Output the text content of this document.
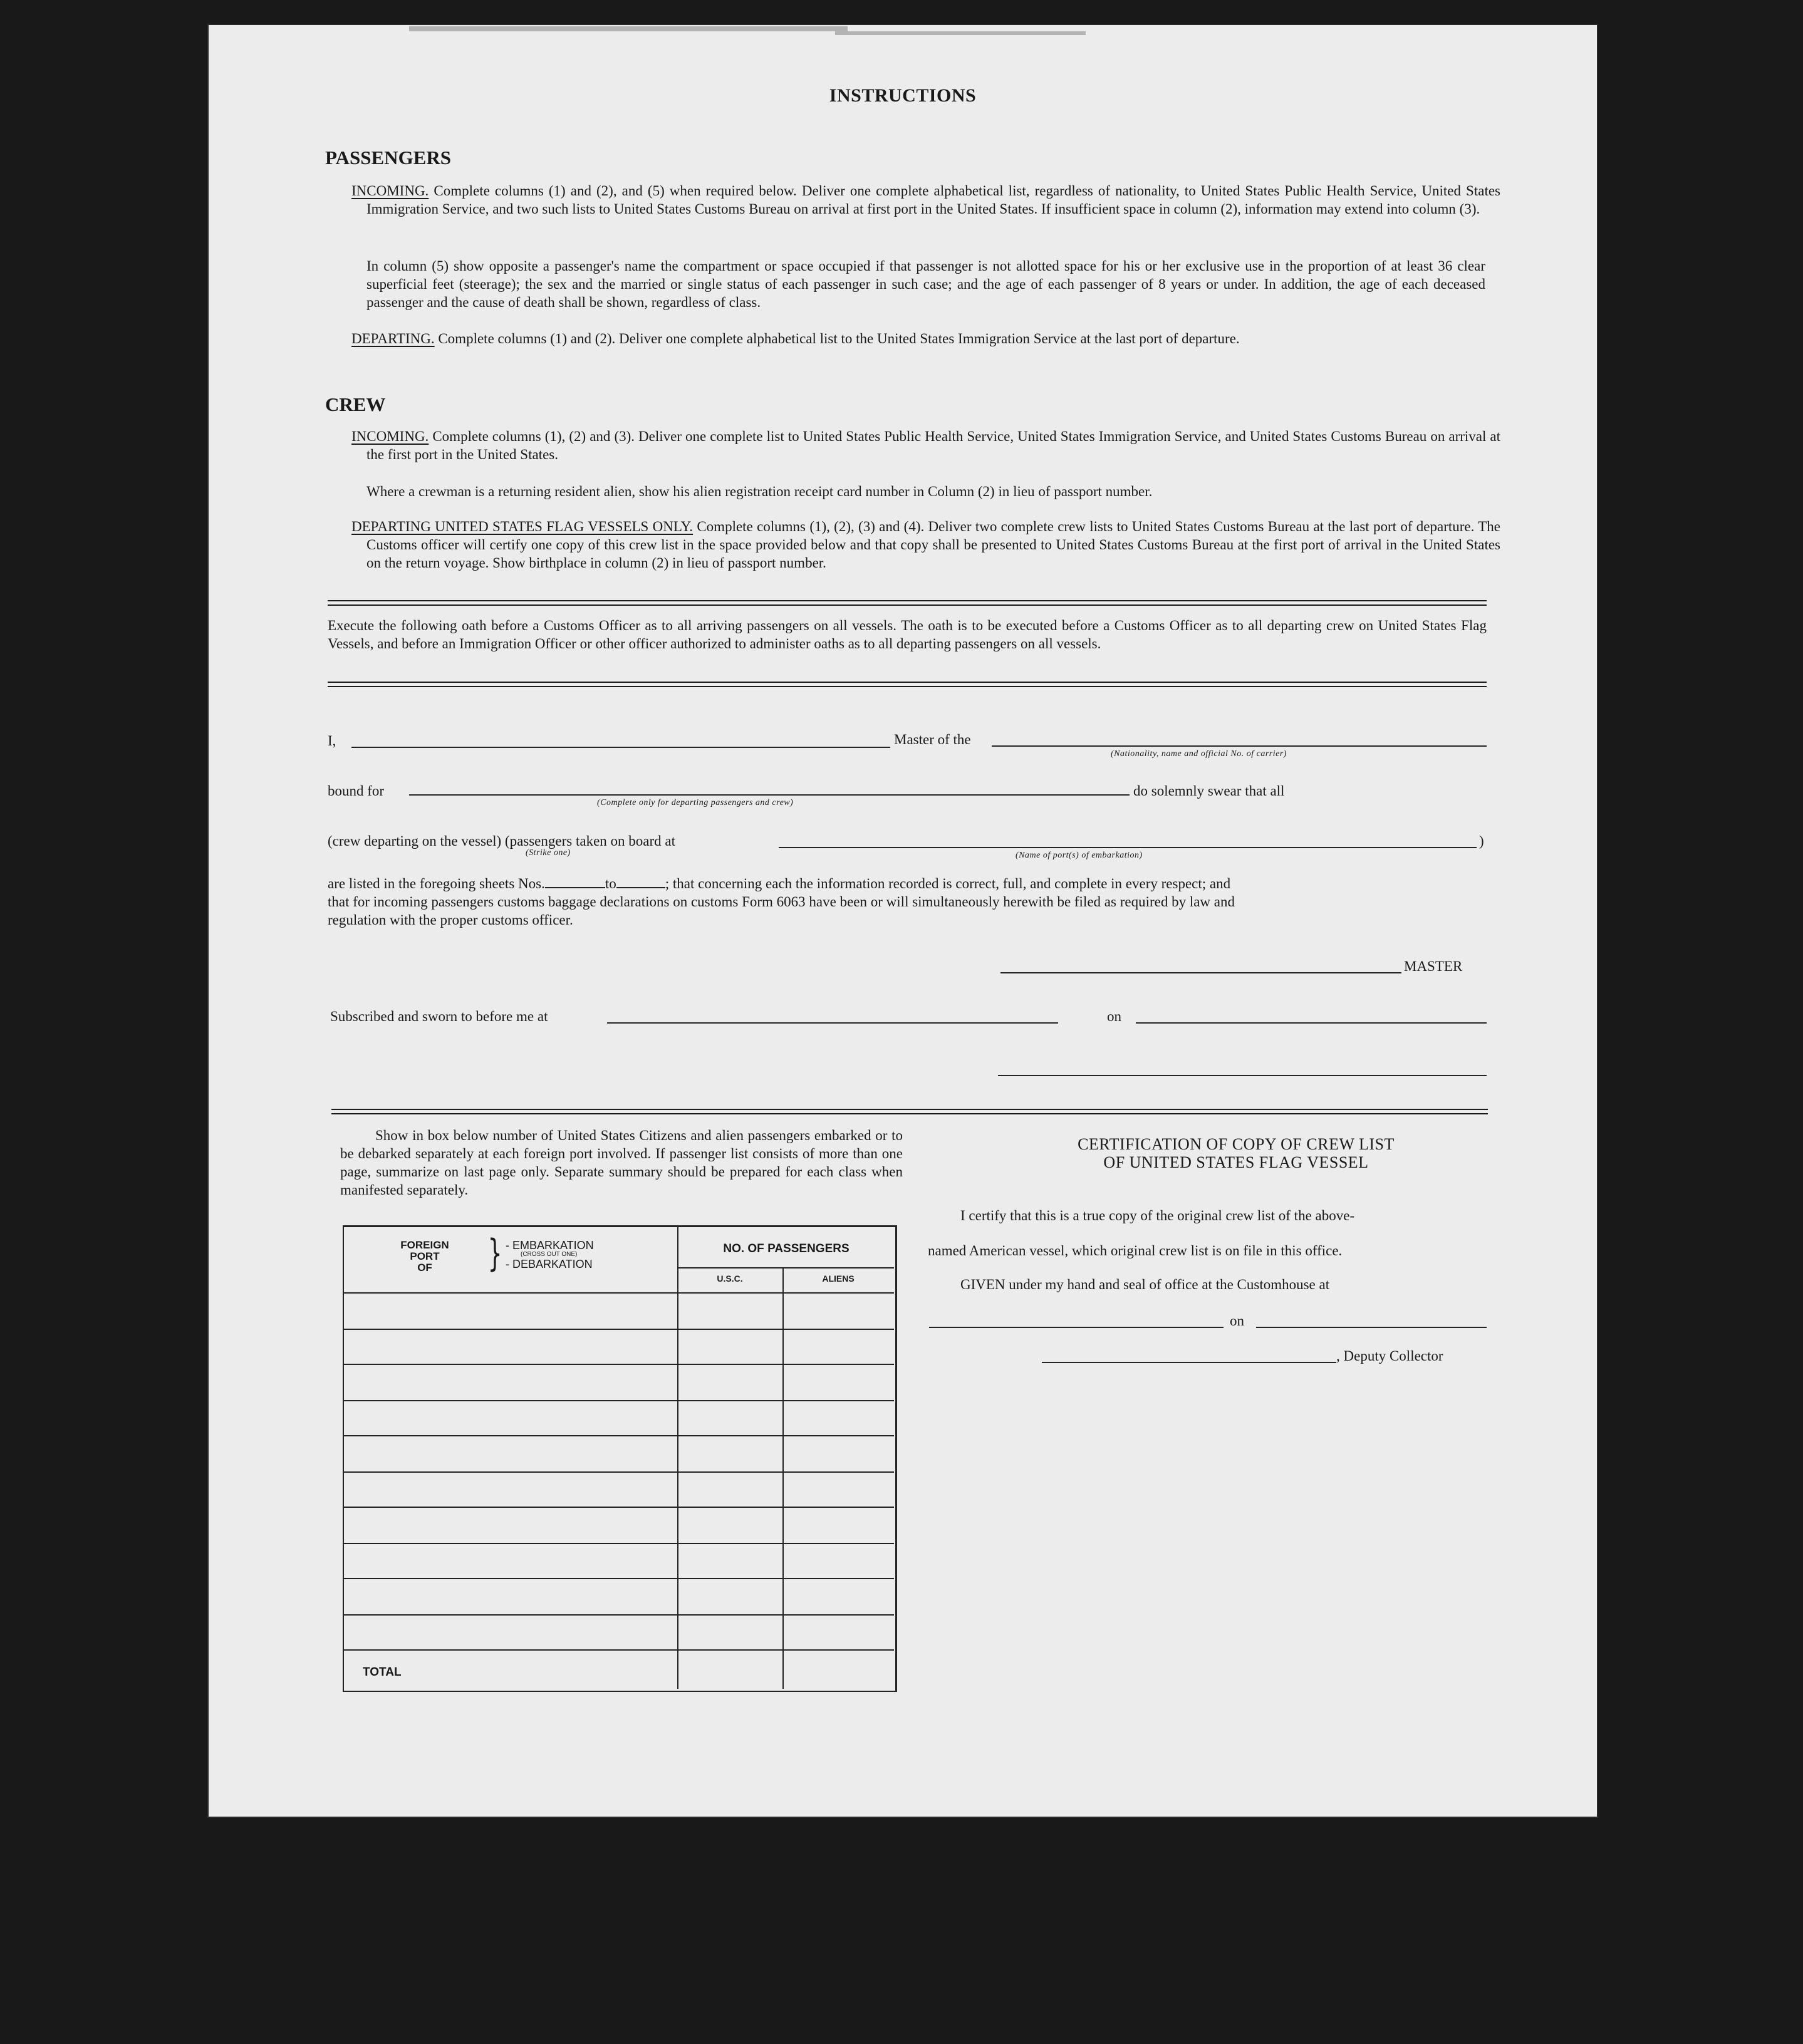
INSTRUCTIONS
PASSENGERS
INCOMING. Complete columns (1) and (2), and (5) when required below. Deliver one complete alphabetical list, regardless of nationality, to United States Public Health Service, United States Immigration Service, and two such lists to United States Customs Bureau on arrival at first port in the United States. If insufficient space in column (2), information may extend into column (3).
In column (5) show opposite a passenger's name the compartment or space occupied if that passenger is not allotted space for his or her exclusive use in the proportion of at least 36 clear superficial feet (steerage); the sex and the married or single status of each passenger in such case; and the age of each passenger of 8 years or under. In addition, the age of each deceased passenger and the cause of death shall be shown, regardless of class.
DEPARTING. Complete columns (1) and (2). Deliver one complete alphabetical list to the United States Immigration Service at the last port of departure.
CREW
INCOMING. Complete columns (1), (2) and (3). Deliver one complete list to United States Public Health Service, United States Immigration Service, and United States Customs Bureau on arrival at the first port in the United States.
Where a crewman is a returning resident alien, show his alien registration receipt card number in Column (2) in lieu of passport number.
DEPARTING UNITED STATES FLAG VESSELS ONLY. Complete columns (1), (2), (3) and (4). Deliver two complete crew lists to United States Customs Bureau at the last port of departure. The Customs officer will certify one copy of this crew list in the space provided below and that copy shall be presented to United States Customs Bureau at the first port of arrival in the United States on the return voyage. Show birthplace in column (2) in lieu of passport number.
Execute the following oath before a Customs Officer as to all arriving passengers on all vessels. The oath is to be executed before a Customs Officer as to all departing crew on United States Flag Vessels, and before an Immigration Officer or other officer authorized to administer oaths as to all departing passengers on all vessels.
I,	Master of the
(Nationality, name and official No. of carrier)
bound for
(Complete only for departing passengers and crew)
do solemnly swear that all
(crew departing on the vessel) (passengers taken on board at
(Strike one)	(Name of port(s) of embarkation)
)
are listed in the foregoing sheets Nos.	to	; that concerning each the information recorded is correct, full, and complete in every respect; and
that for incoming passengers customs baggage declarations on customs Form 6063 have been or will simultaneously herewith be filed as required by law and
regulation with the proper customs officer.
MASTER
Subscribed and sworn to before me at	on
Show in box below number of United States Citizens and alien passengers embarked or to be debarked separately at each foreign port involved. If passenger list consists of more than one page, summarize on last page only. Separate summary should be prepared for each class when manifested separately.
FOREIGN
PORT
OF	} - EMBARKATION
(CROSS OUT ONE)
- DEBARKATION
NO. OF PASSENGERS
U.S.C.	ALIENS
TOTAL
CERTIFICATION OF COPY OF CREW LIST
OF UNITED STATES FLAG VESSEL
I certify that this is a true copy of the original crew list of the above-
named American vessel, which original crew list is on file in this office.
GIVEN under my hand and seal of office at the Customhouse at
on
, Deputy Collector
